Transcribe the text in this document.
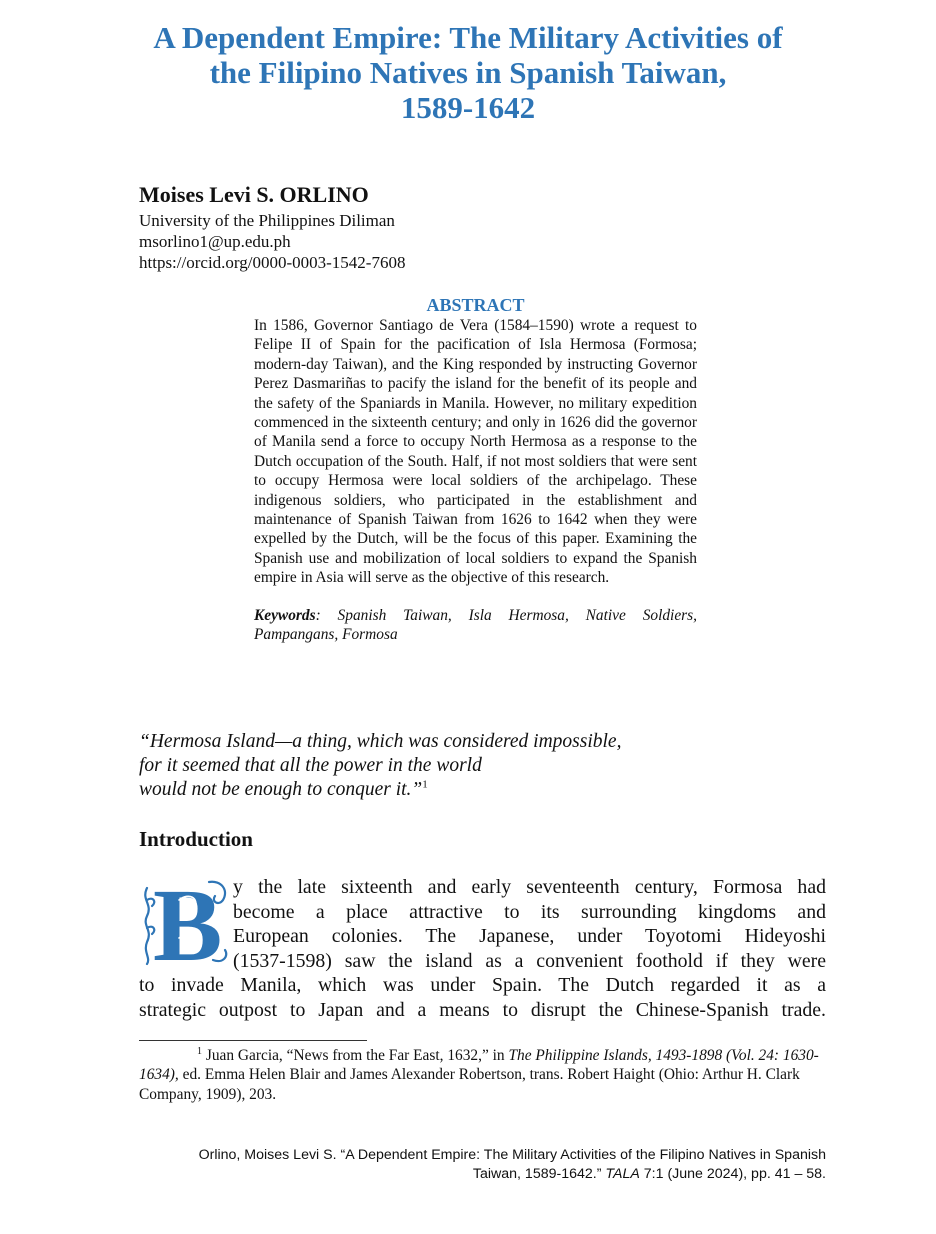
A Dependent Empire: The Military Activities of
the Filipino Natives in Spanish Taiwan,
1589-1642
Moises Levi S. ORLINO
University of the Philippines Diliman
msorlino1@up.edu.ph
https://orcid.org/0000-0003-1542-7608
ABSTRACT

In 1586, Governor Santiago de Vera (1584–1590) wrote a request to Felipe II of Spain for the pacification of Isla Hermosa (Formosa; modern-day Taiwan), and the King responded by instructing Governor Perez Dasmariñas to pacify the island for the benefit of its people and the safety of the Spaniards in Manila. However, no military expedition commenced in the sixteenth century; and only in 1626 did the governor of Manila send a force to occupy North Hermosa as a response to the Dutch occupation of the South. Half, if not most soldiers that were sent to occupy Hermosa were local soldiers of the archipelago. These indigenous soldiers, who participated in the establishment and maintenance of Spanish Taiwan from 1626 to 1642 when they were expelled by the Dutch, will be the focus of this paper. Examining the Spanish use and mobilization of local soldiers to expand the Spanish empire in Asia will serve as the objective of this research.

Keywords: Spanish Taiwan, Isla Hermosa, Native Soldiers, Pampangans, Formosa
“Hermosa Island—a thing, which was considered impossible,
for it seemed that all the power in the world
would not be enough to conquer it.”$^1$
Introduction
B y the late sixteenth and early seventeenth century, Formosa had
become a place attractive to its surrounding kingdoms and
European colonies. The Japanese, under Toyotomi Hideyoshi
(1537-1598) saw the island as a convenient foothold if they were
to invade Manila, which was under Spain. The Dutch regarded it as a
strategic outpost to Japan and a means to disrupt the Chinese-Spanish trade.
$^1$ Juan Garcia, “News from the Far East, 1632,” in The Philippine Islands, 1493-1898 (Vol. 24: 1630-1634), ed. Emma Helen Blair and James Alexander Robertson, trans. Robert Haight (Ohio: Arthur H. Clark Company, 1909), 203.
Orlino, Moises Levi S. “A Dependent Empire: The Military Activities of the Filipino Natives in Spanish
Taiwan, 1589-1642.” TALA 7:1 (June 2024), pp. 41 – 58.
